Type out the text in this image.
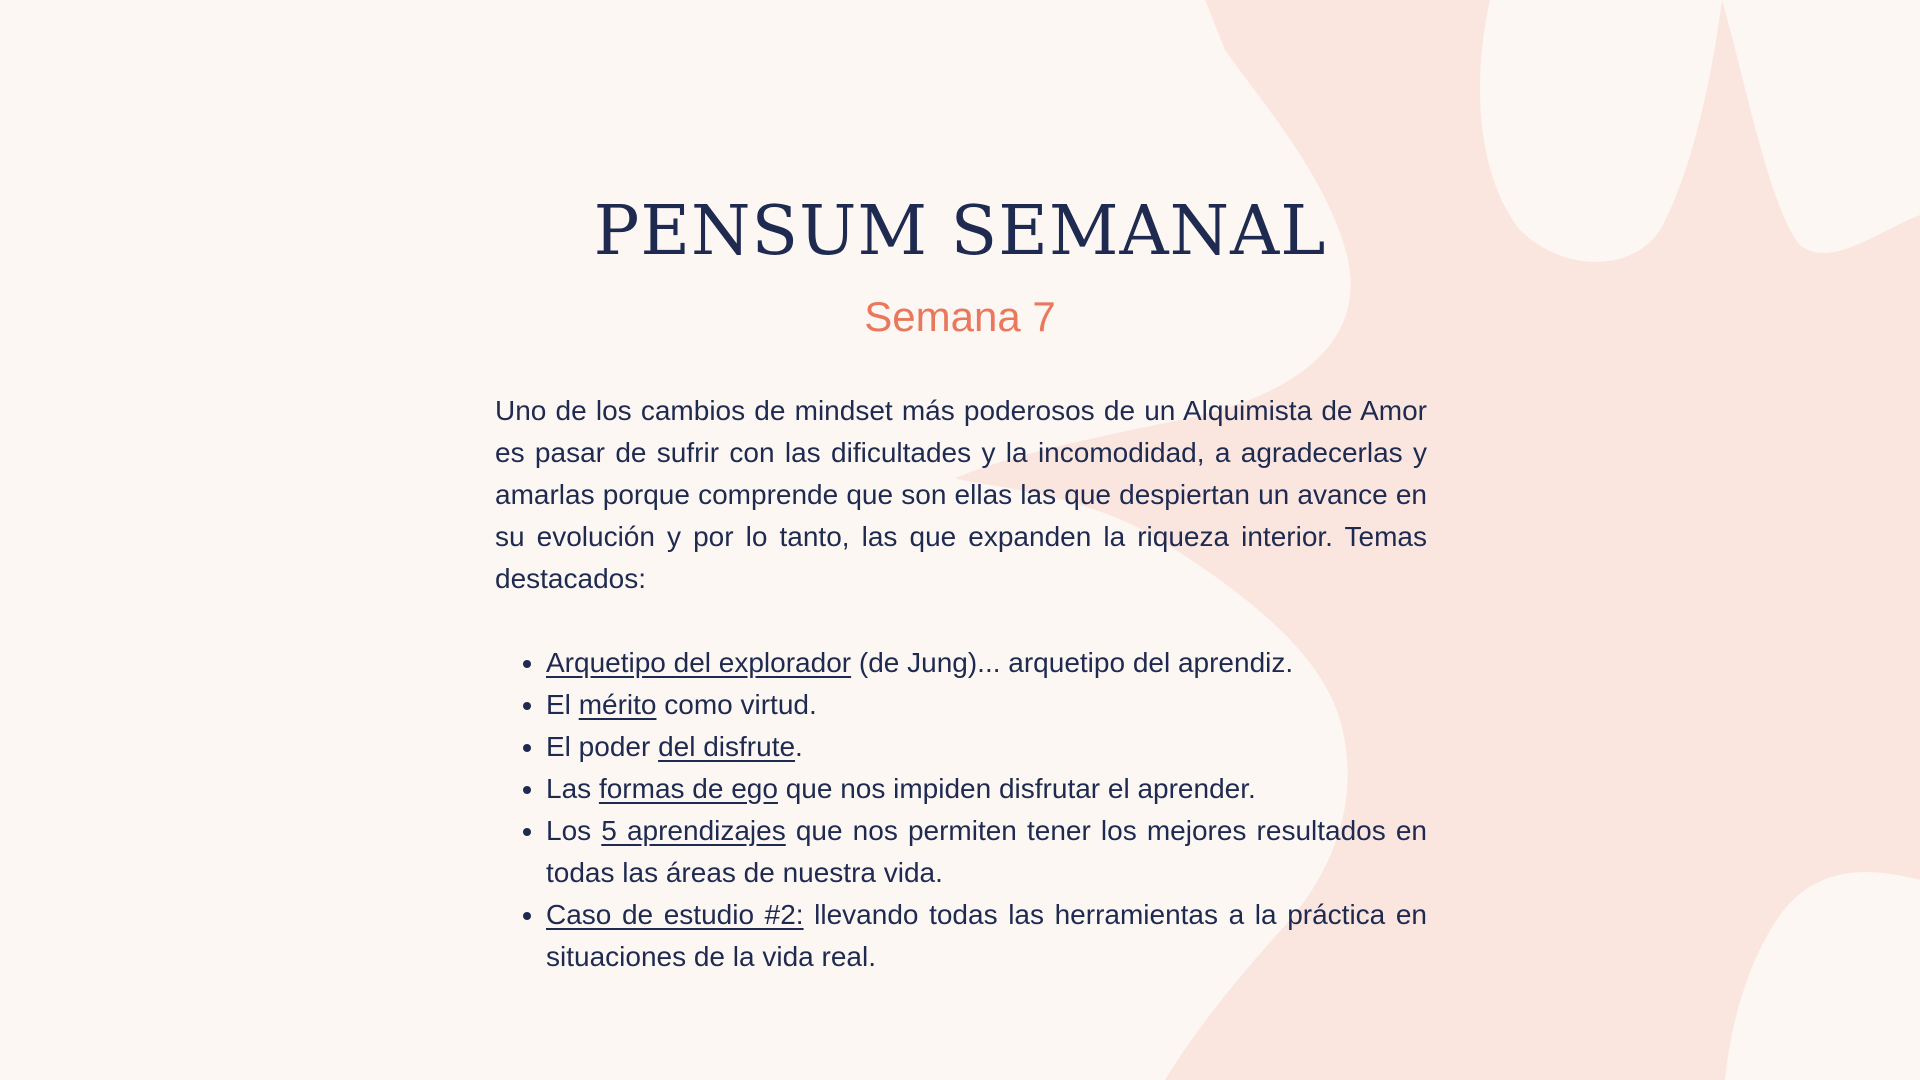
PENSUM SEMANAL
Semana 7

Uno de los cambios de mindset más poderosos de un Alquimista de Amor es pasar de sufrir con las dificultades y la incomodidad, a agradecerlas y amarlas porque comprende que son ellas las que despiertan un avance en su evolución y por lo tanto, las que expanden la riqueza interior. Temas destacados:

• Arquetipo del explorador (de Jung)... arquetipo del aprendiz.
• El mérito como virtud.
• El poder del disfrute.
• Las formas de ego que nos impiden disfrutar el aprender.
• Los 5 aprendizajes que nos permiten tener los mejores resultados en todas las áreas de nuestra vida.
• Caso de estudio #2: llevando todas las herramientas a la práctica en situaciones de la vida real.
